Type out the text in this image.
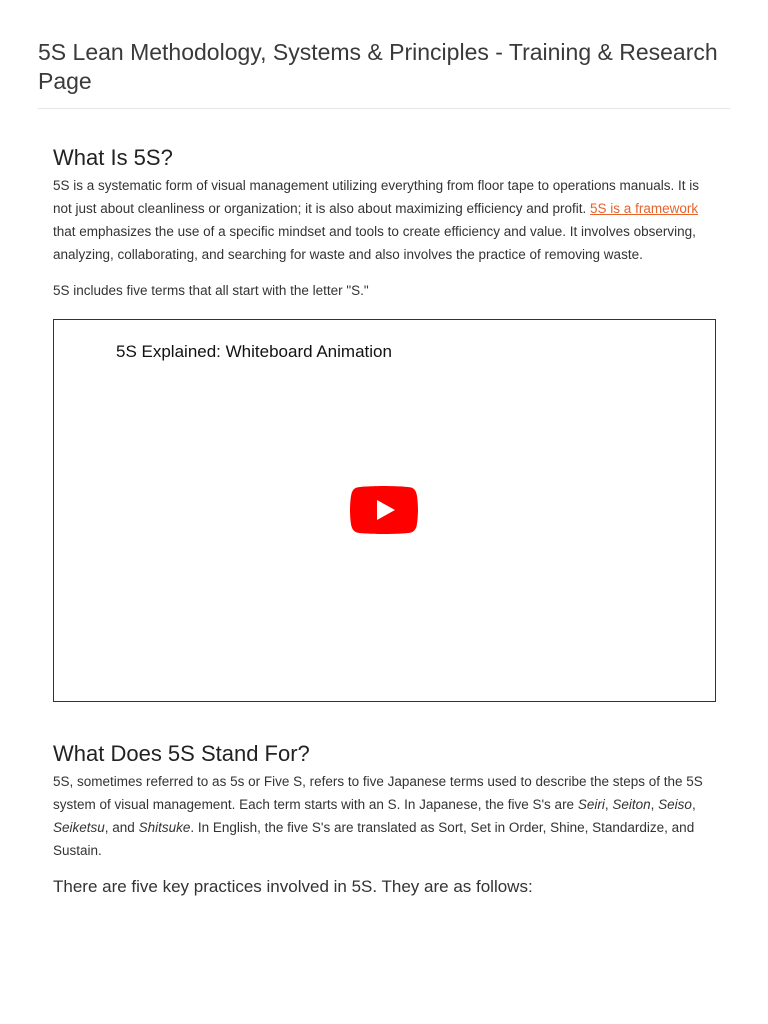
5S Lean Methodology, Systems & Principles - Training & Research Page
What Is 5S?

5S is a systematic form of visual management utilizing everything from floor tape to operations manuals. It is not just about cleanliness or organization; it is also about maximizing efficiency and profit. 5S is a framework that emphasizes the use of a specific mindset and tools to create efficiency and value. It involves observing, analyzing, collaborating, and searching for waste and also involves the practice of removing waste.

5S includes five terms that all start with the letter "S."

5S Explained: Whiteboard Animation
What Does 5S Stand For?

5S, sometimes referred to as 5s or Five S, refers to five Japanese terms used to describe the steps of the 5S system of visual management. Each term starts with an S. In Japanese, the five S's are Seiri, Seiton, Seiso, Seiketsu, and Shitsuke. In English, the five S's are translated as Sort, Set in Order, Shine, Standardize, and Sustain.

There are five key practices involved in 5S. They are as follows:
